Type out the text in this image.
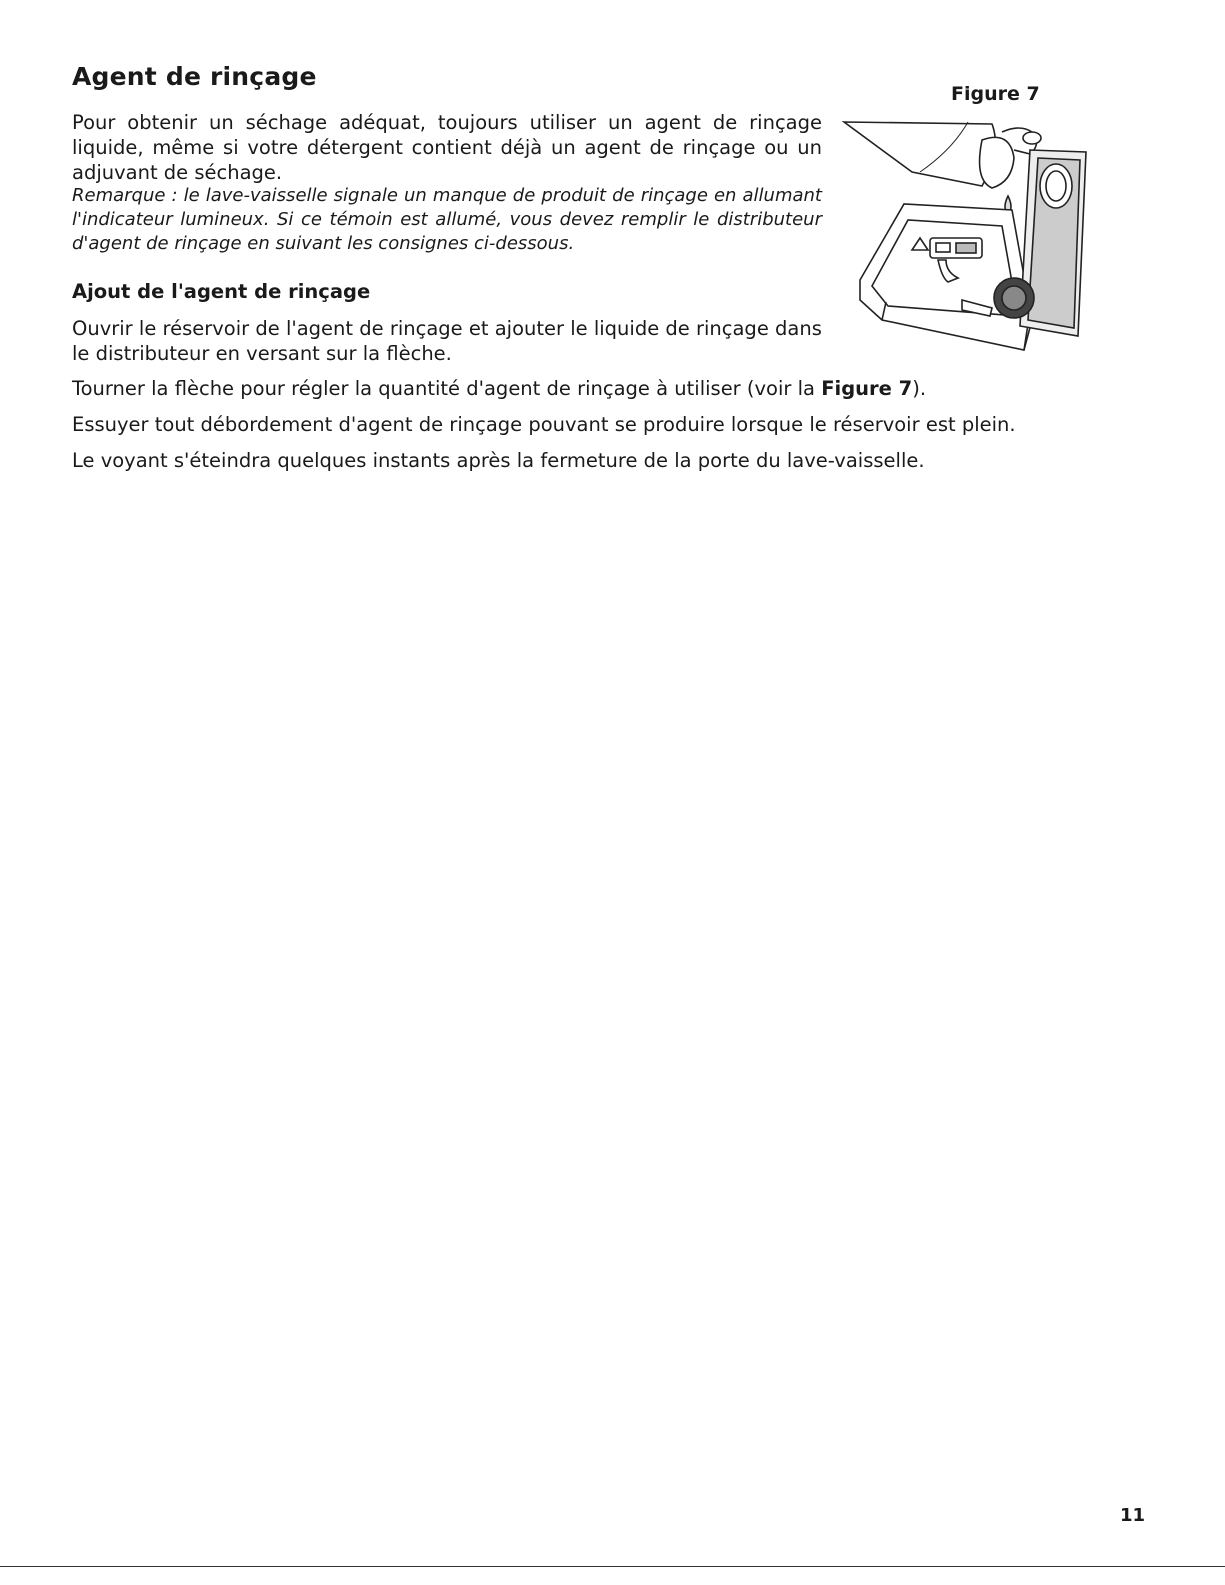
Agent de rinçage
Figure 7

Pour obtenir un séchage adéquat, toujours utiliser un agent de rinçage liquide, même si votre détergent contient déjà un agent de rinçage ou un adjuvant de séchage.

Remarque : le lave-vaisselle signale un manque de produit de rinçage en allumant l'indicateur lumineux. Si ce témoin est allumé, vous devez remplir le distributeur d'agent de rinçage en suivant les consignes ci-dessous.

Ajout de l'agent de rinçage

Ouvrir le réservoir de l'agent de rinçage et ajouter le liquide de rinçage dans le distributeur en versant sur la flèche.

Tourner la flèche pour régler la quantité d'agent de rinçage à utiliser (voir la Figure 7).

Essuyer tout débordement d'agent de rinçage pouvant se produire lorsque le réservoir est plein.

Le voyant s'éteindra quelques instants après la fermeture de la porte du lave-vaisselle.

11
